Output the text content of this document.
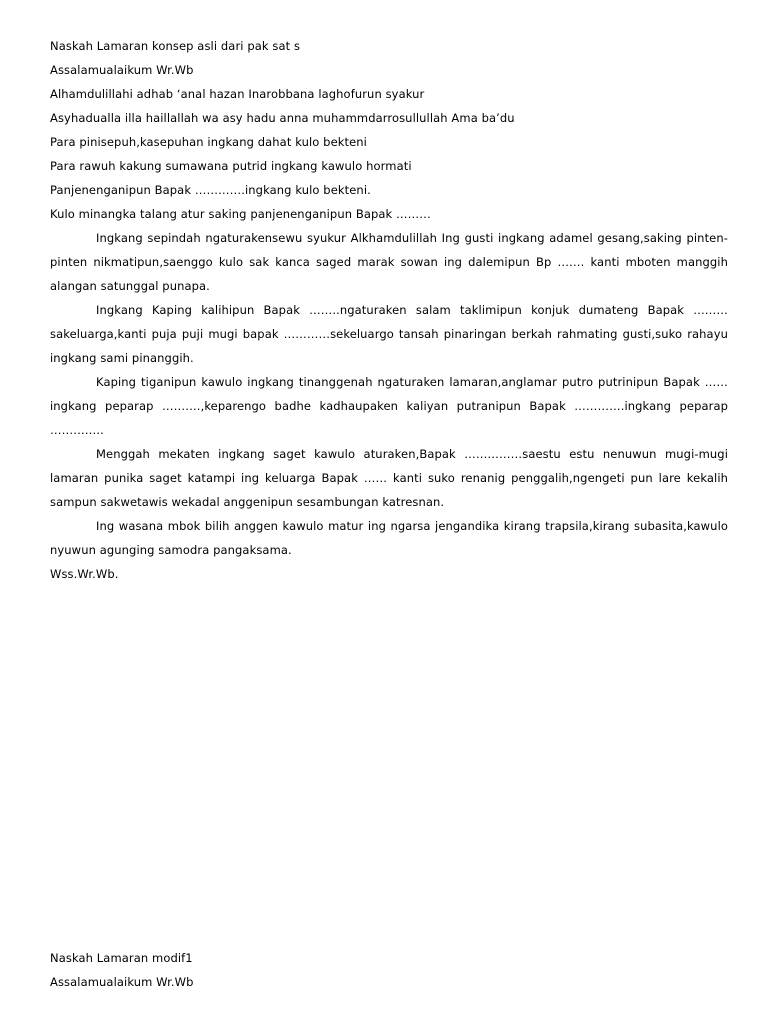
Naskah Lamaran konsep asli dari pak sat s
Assalamualaikum Wr.Wb
Alhamdulillahi adhab ‘anal hazan Inarobbana laghofurun syakur
Asyhadualla illa haillallah wa asy hadu anna muhammdarrosullullah Ama ba’du
Para pinisepuh,kasepuhan ingkang dahat kulo bekteni
Para rawuh kakung sumawana putrid ingkang kawulo hormati
Panjenenganipun Bapak ………….ingkang kulo bekteni.
Kulo minangka talang atur saking panjenenganipun Bapak ………

Ingkang sepindah ngaturakensewu syukur Alkhamdulillah Ing gusti ingkang adamel gesang,saking pinten-pinten nikmatipun,saenggo kulo sak kanca saged marak sowan ing dalemipun Bp ……. kanti mboten manggih alangan satunggal punapa.

Ingkang Kaping kalihipun Bapak ……..ngaturaken salam taklimipun konjuk dumateng Bapak ……… sakeluarga,kanti puja puji mugi bapak …………sekeluargo tansah pinaringan berkah rahmating gusti,suko rahayu ingkang sami pinanggih.

Kaping tiganipun kawulo ingkang tinanggenah ngaturaken lamaran,anglamar putro putrinipun Bapak ……ingkang peparap ……….,keparengo badhe kadhaupaken kaliyan putranipun Bapak ………….ingkang peparap …………..

Menggah mekaten ingkang saget kawulo aturaken,Bapak ……………saestu estu nenuwun mugi-mugi lamaran punika saget katampi ing keluarga Bapak …… kanti suko renanig penggalih,ngengeti pun lare kekalih sampun sakwetawis wekadal anggenipun sesambungan katresnan.

Ing wasana mbok bilih anggen kawulo matur ing ngarsa jengandika kirang trapsila,kirang subasita,kawulo nyuwun agunging samodra pangaksama.

Wss.Wr.Wb.
Naskah Lamaran modif1
Assalamualaikum Wr.Wb
